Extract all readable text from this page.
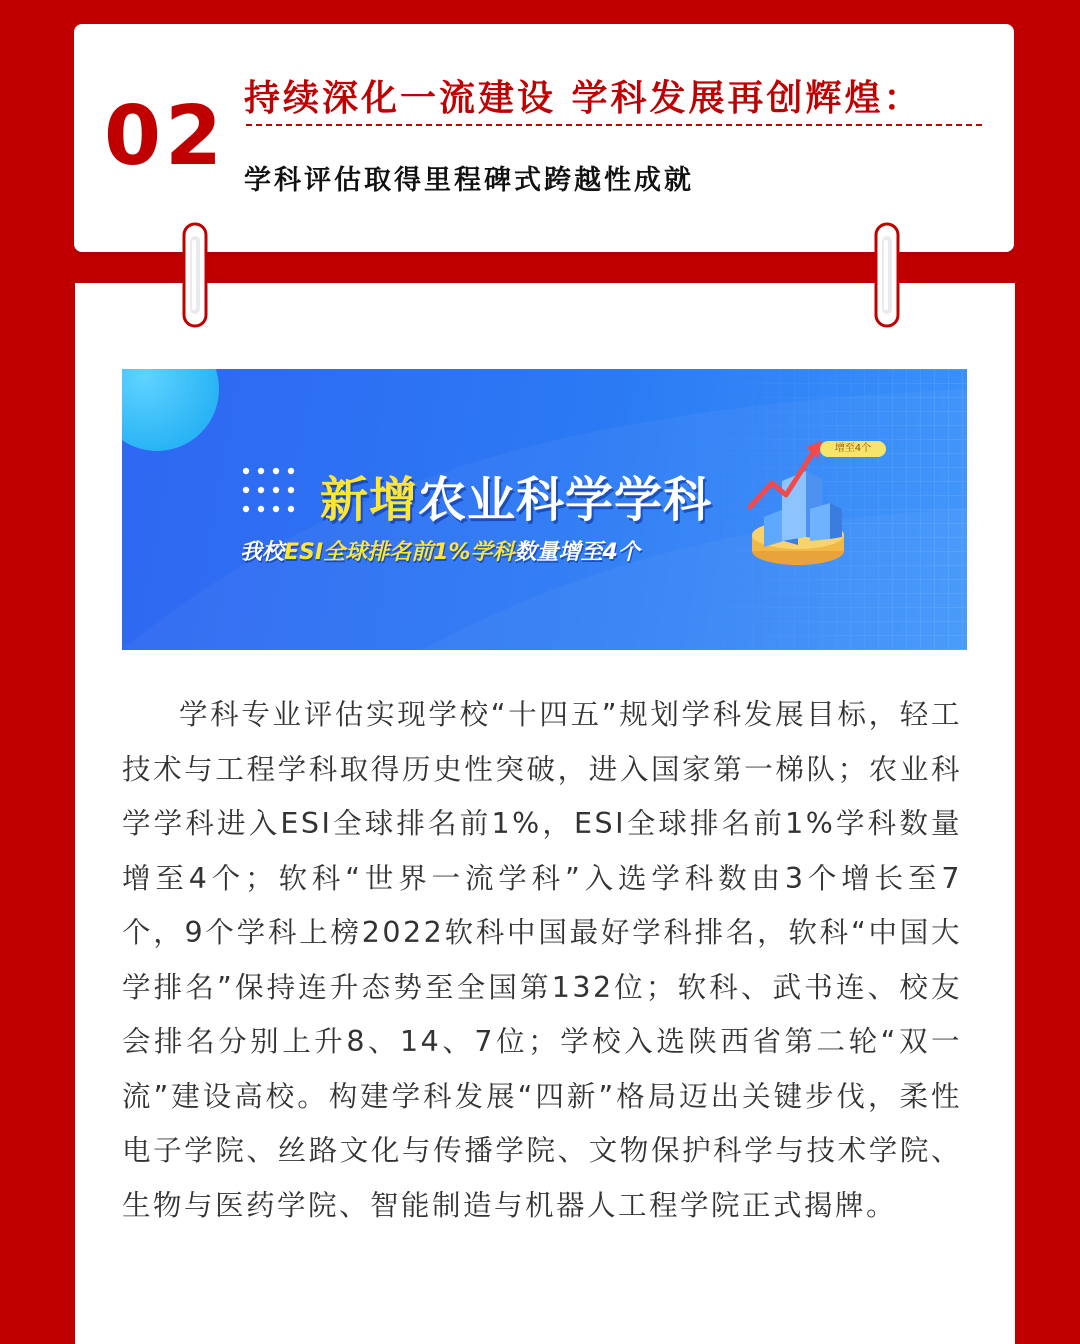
02 持续深化一流建设 学科发展再创辉煌：
学科评估取得里程碑式跨越性成就
增至4个
新增农业科学学科
我校ESI全球排名前1%学科数量增至4个

学科专业评估实现学校“十四五”规划学科发展目标，轻工技术与工程学科取得历史性突破，进入国家第一梯队；农业科学学科进入ESI全球排名前1%，ESI全球排名前1%学科数量增至4个；软科“世界一流学科”入选学科数由3个增长至7个，9个学科上榜2022软科中国最好学科排名，软科“中国大学排名”保持连升态势至全国第132位；软科、武书连、校友会排名分别上升8、14、7位；学校入选陕西省第二轮“双一流”建设高校。构建学科发展“四新”格局迈出关键步伐，柔性电子学院、丝路文化与传播学院、文物保护科学与技术学院、生物与医药学院、智能制造与机器人工程学院正式揭牌。
